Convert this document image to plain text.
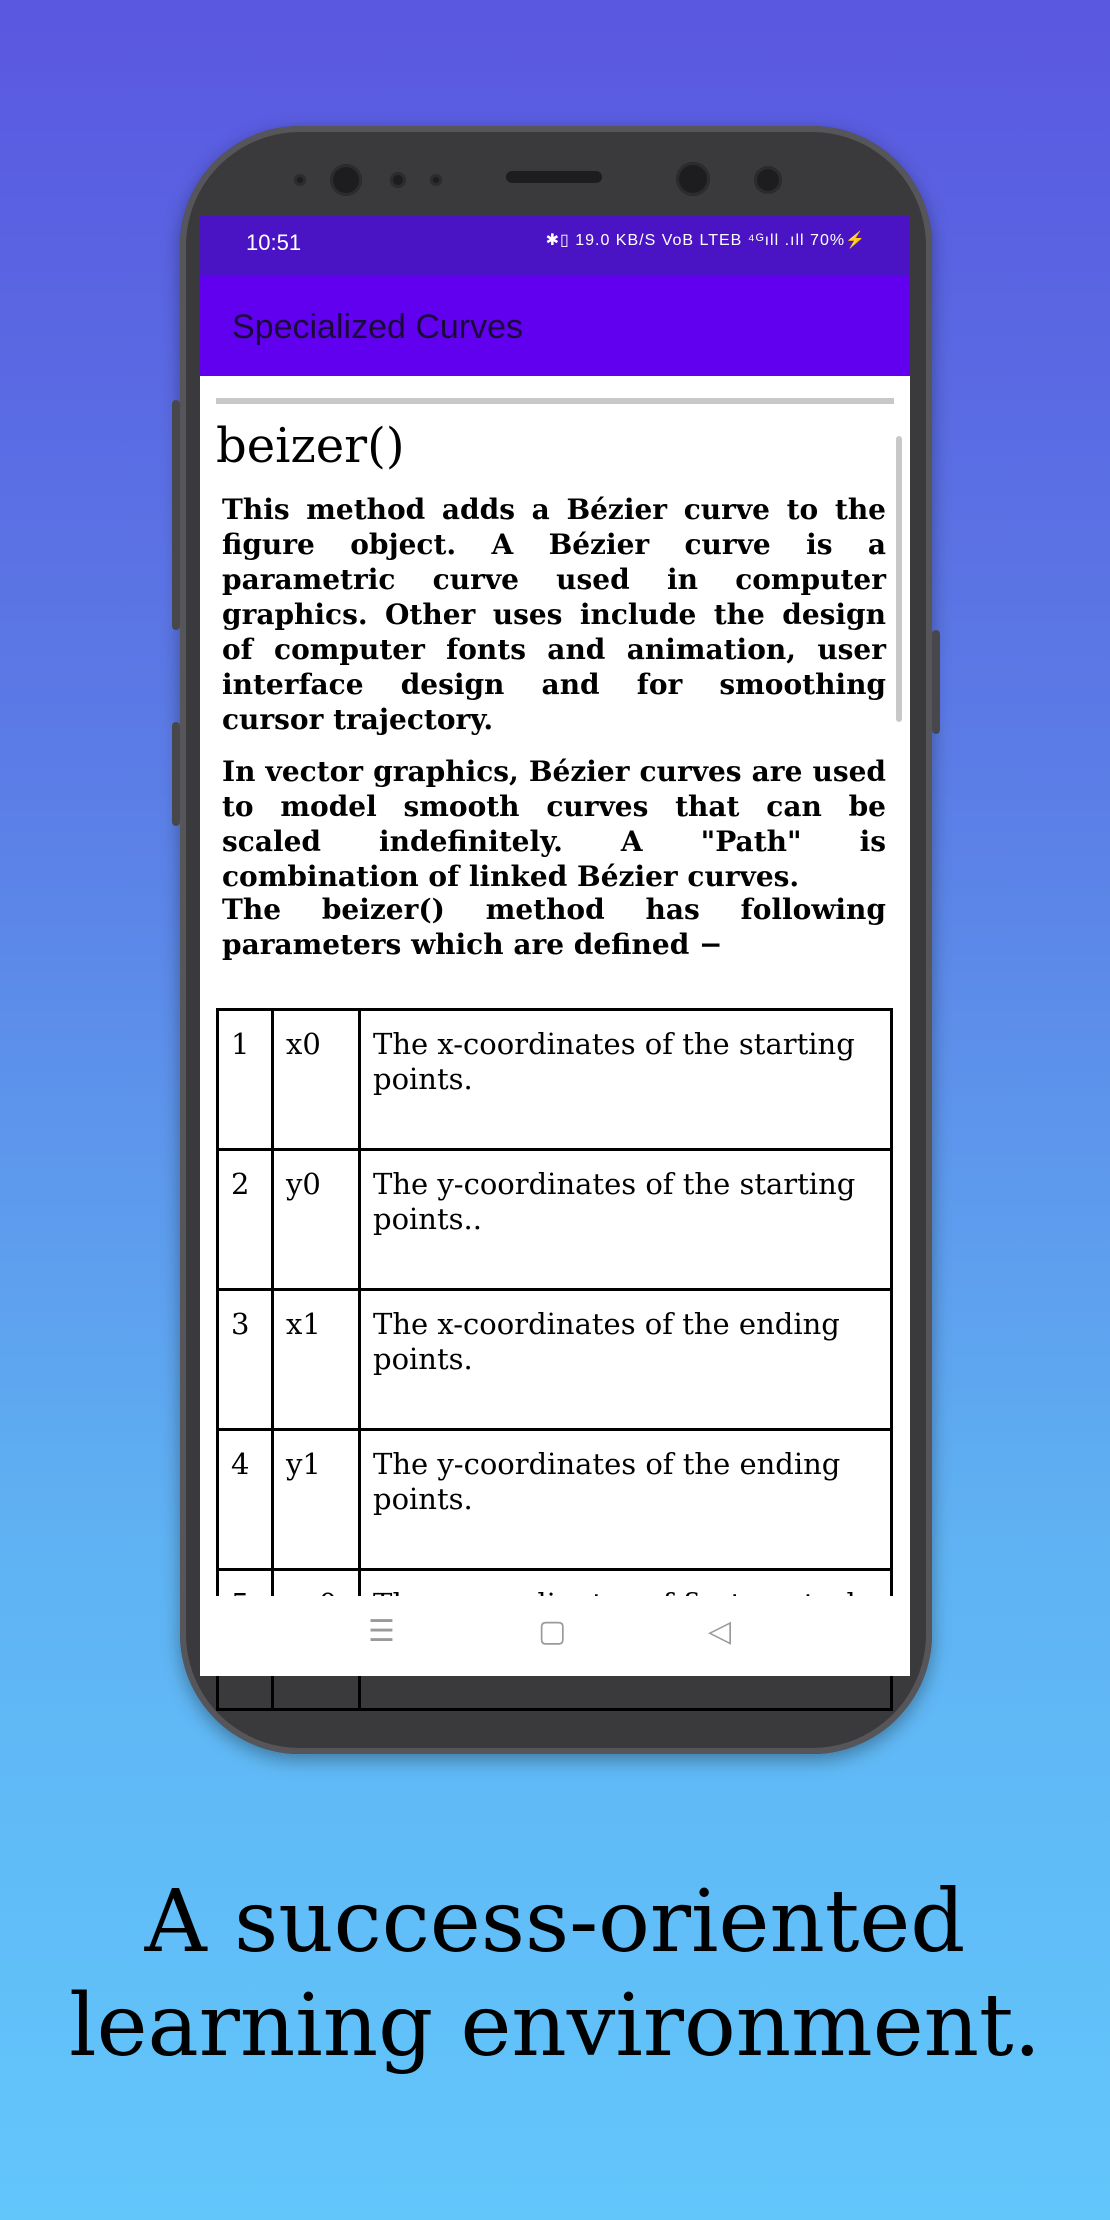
10:51	✱▯ 19.0 KB/S VoB LTEB ⁴ᴳıll .ıll 70%⚡
Specialized Curves
beizer()
This method adds a Bézier curve to the figure object. A Bézier curve is a parametric curve used in computer graphics. Other uses include the design of computer fonts and animation, user interface design and for smoothing cursor trajectory.
In vector graphics, Bézier curves are used to model smooth curves that can be scaled indefinitely. A "Path" is combination of linked Bézier curves.
The beizer() method has following parameters which are defined −
1	x0	The x-coordinates of the starting points.
2	y0	The y-coordinates of the starting points..
3	x1	The x-coordinates of the ending points.
4	y1	The y-coordinates of the ending points.

☰	▢	◁
A success-oriented
learning environment.
